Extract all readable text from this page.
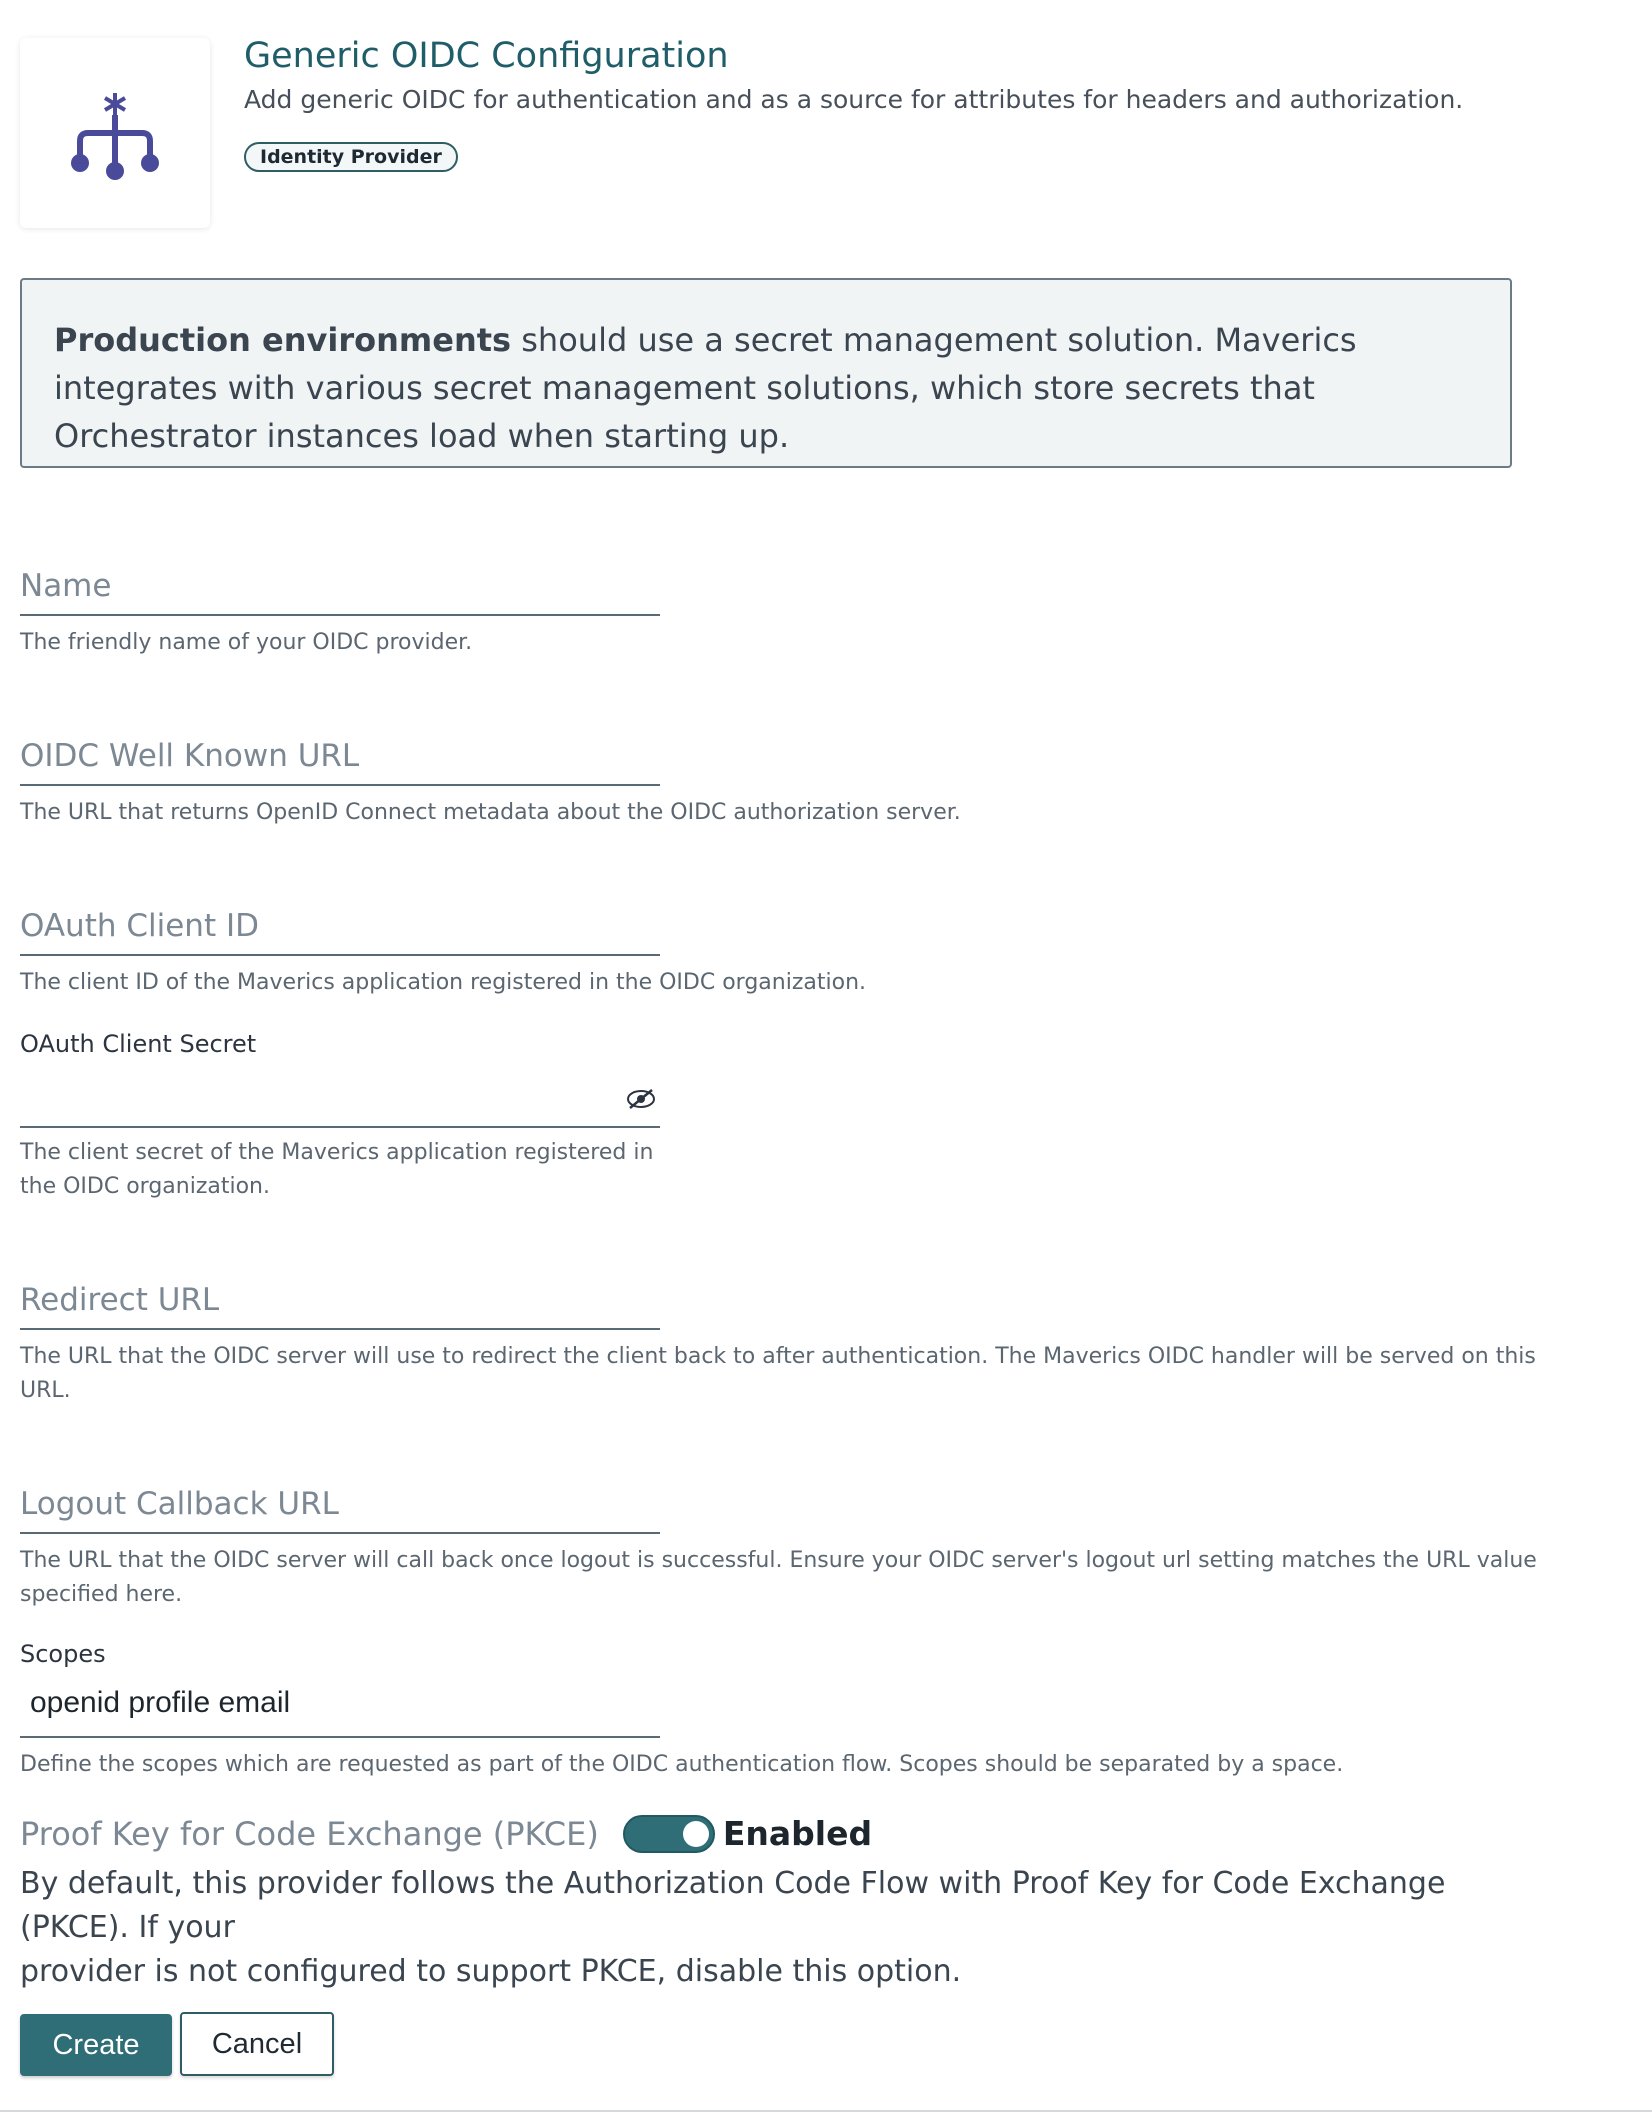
Generic OIDC Configuration
Add generic OIDC for authentication and as a source for attributes for headers and authorization.
Identity Provider
Production environments should use a secret management solution. Maverics integrates with various secret management solutions, which store secrets that Orchestrator instances load when starting up.
Name
The friendly name of your OIDC provider.
OIDC Well Known URL
The URL that returns OpenID Connect metadata about the OIDC authorization server.
OAuth Client ID
The client ID of the Maverics application registered in the OIDC organization.
OAuth Client Secret
The client secret of the Maverics application registered in
the OIDC organization.
Redirect URL
The URL that the OIDC server will use to redirect the client back to after authentication. The Maverics OIDC handler will be served on this
URL.
Logout Callback URL
The URL that the OIDC server will call back once logout is successful. Ensure your OIDC server's logout url setting matches the URL value
specified here.
Scopes
openid profile email
Define the scopes which are requested as part of the OIDC authentication flow. Scopes should be separated by a space.
Proof Key for Code Exchange (PKCE)	Enabled
By default, this provider follows the Authorization Code Flow with Proof Key for Code Exchange (PKCE). If your
provider is not configured to support PKCE, disable this option.
Create	Cancel
